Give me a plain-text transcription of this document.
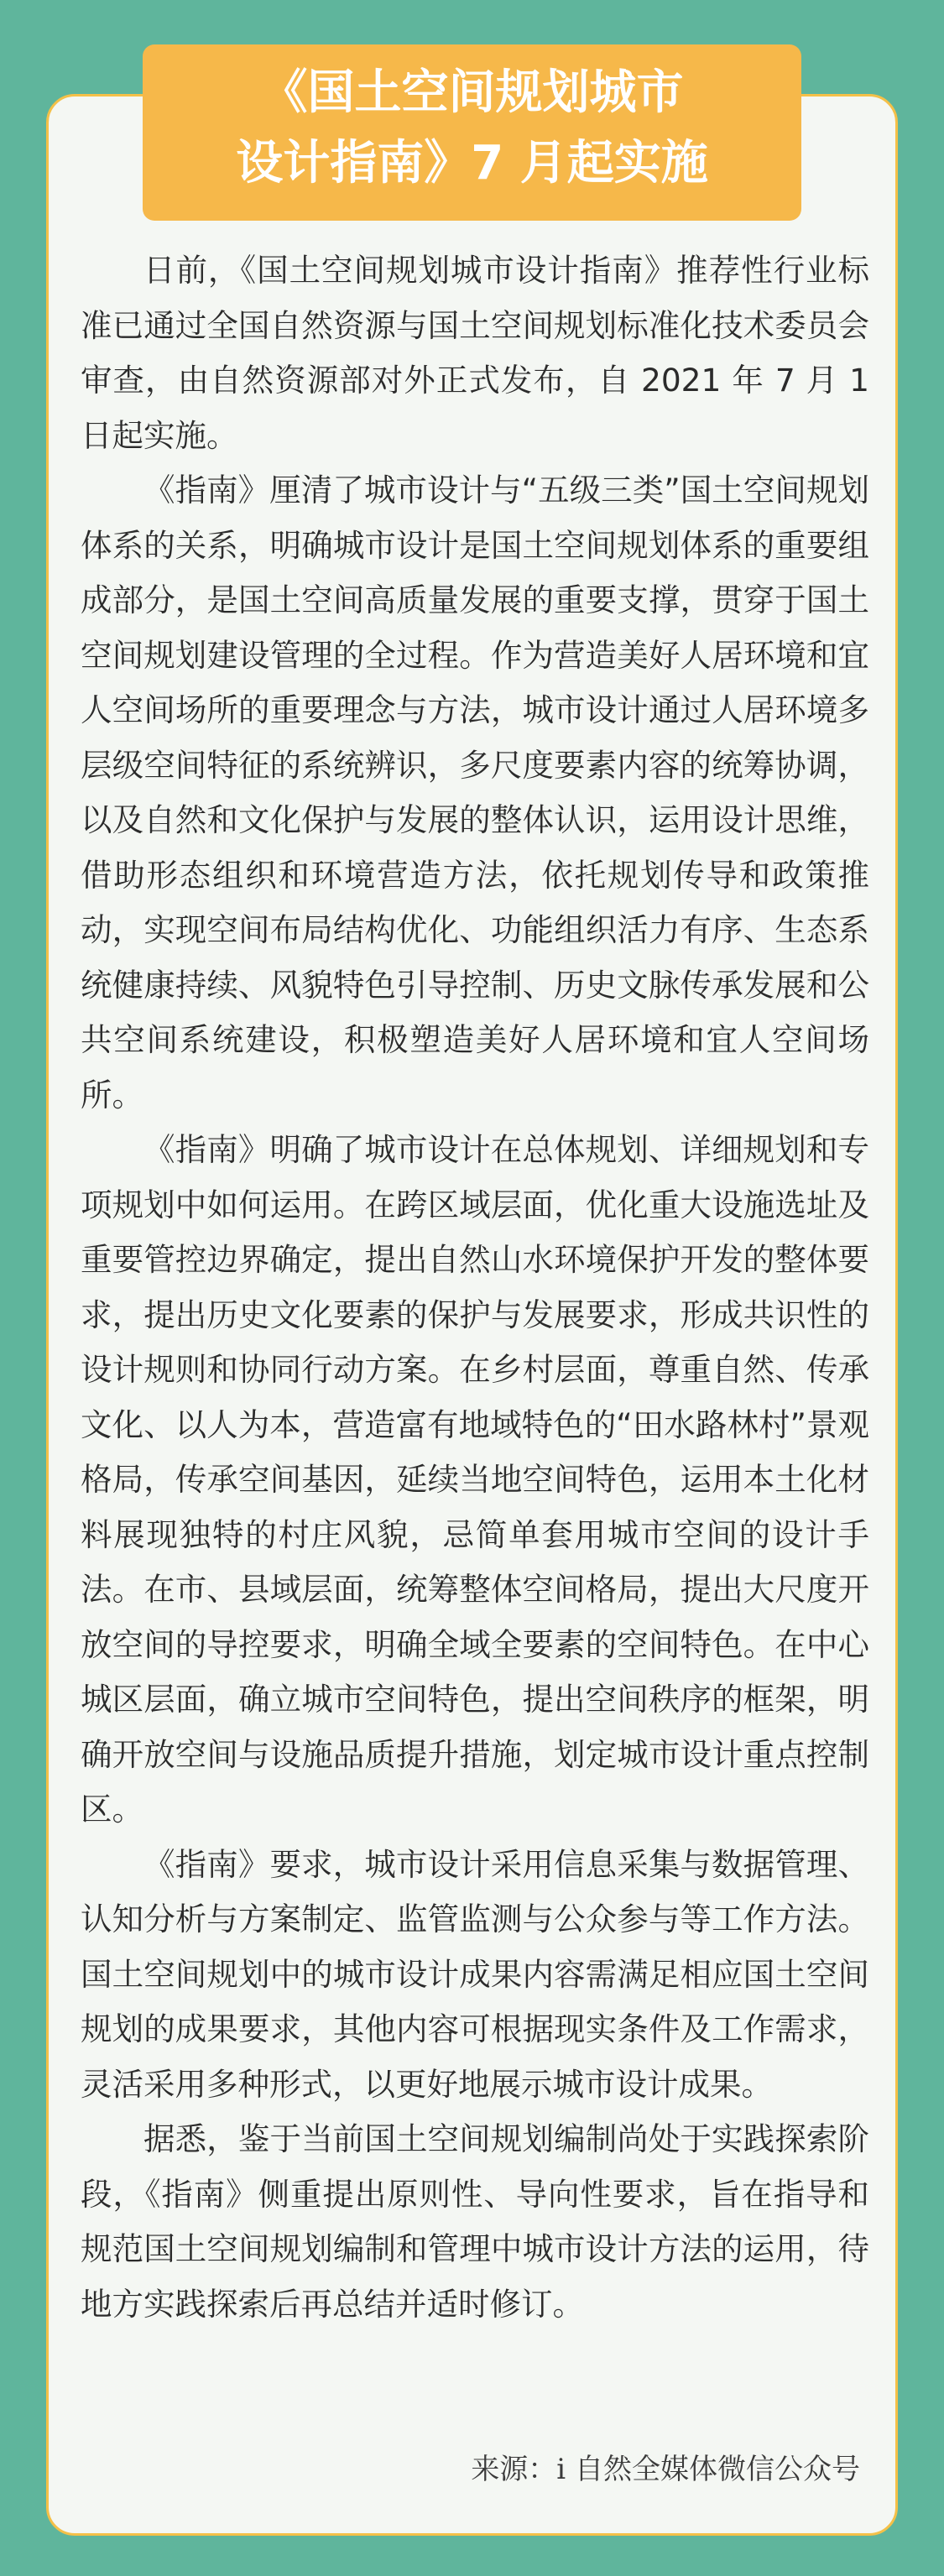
《国土空间规划城市
设计指南》7 月起实施

日前，《国土空间规划城市设计指南》推荐性行业标准已通过全国自然资源与国土空间规划标准化技术委员会审查，由自然资源部对外正式发布，自 2021 年 7 月 1 日起实施。

《指南》厘清了城市设计与“五级三类”国土空间规划体系的关系，明确城市设计是国土空间规划体系的重要组成部分，是国土空间高质量发展的重要支撑，贯穿于国土空间规划建设管理的全过程。作为营造美好人居环境和宜人空间场所的重要理念与方法，城市设计通过人居环境多层级空间特征的系统辨识，多尺度要素内容的统筹协调，以及自然和文化保护与发展的整体认识，运用设计思维，借助形态组织和环境营造方法，依托规划传导和政策推动，实现空间布局结构优化、功能组织活力有序、生态系统健康持续、风貌特色引导控制、历史文脉传承发展和公共空间系统建设，积极塑造美好人居环境和宜人空间场所。

《指南》明确了城市设计在总体规划、详细规划和专项规划中如何运用。在跨区域层面，优化重大设施选址及重要管控边界确定，提出自然山水环境保护开发的整体要求，提出历史文化要素的保护与发展要求，形成共识性的设计规则和协同行动方案。在乡村层面，尊重自然、传承文化、以人为本，营造富有地域特色的“田水路林村”景观格局，传承空间基因，延续当地空间特色，运用本土化材料展现独特的村庄风貌，忌简单套用城市空间的设计手法。在市、县域层面，统筹整体空间格局，提出大尺度开放空间的导控要求，明确全域全要素的空间特色。在中心城区层面，确立城市空间特色，提出空间秩序的框架，明确开放空间与设施品质提升措施，划定城市设计重点控制区。

《指南》要求，城市设计采用信息采集与数据管理、认知分析与方案制定、监管监测与公众参与等工作方法。国土空间规划中的城市设计成果内容需满足相应国土空间规划的成果要求，其他内容可根据现实条件及工作需求，灵活采用多种形式，以更好地展示城市设计成果。

据悉，鉴于当前国土空间规划编制尚处于实践探索阶段，《指南》侧重提出原则性、导向性要求，旨在指导和规范国土空间规划编制和管理中城市设计方法的运用，待地方实践探索后再总结并适时修订。

来源：i 自然全媒体微信公众号
